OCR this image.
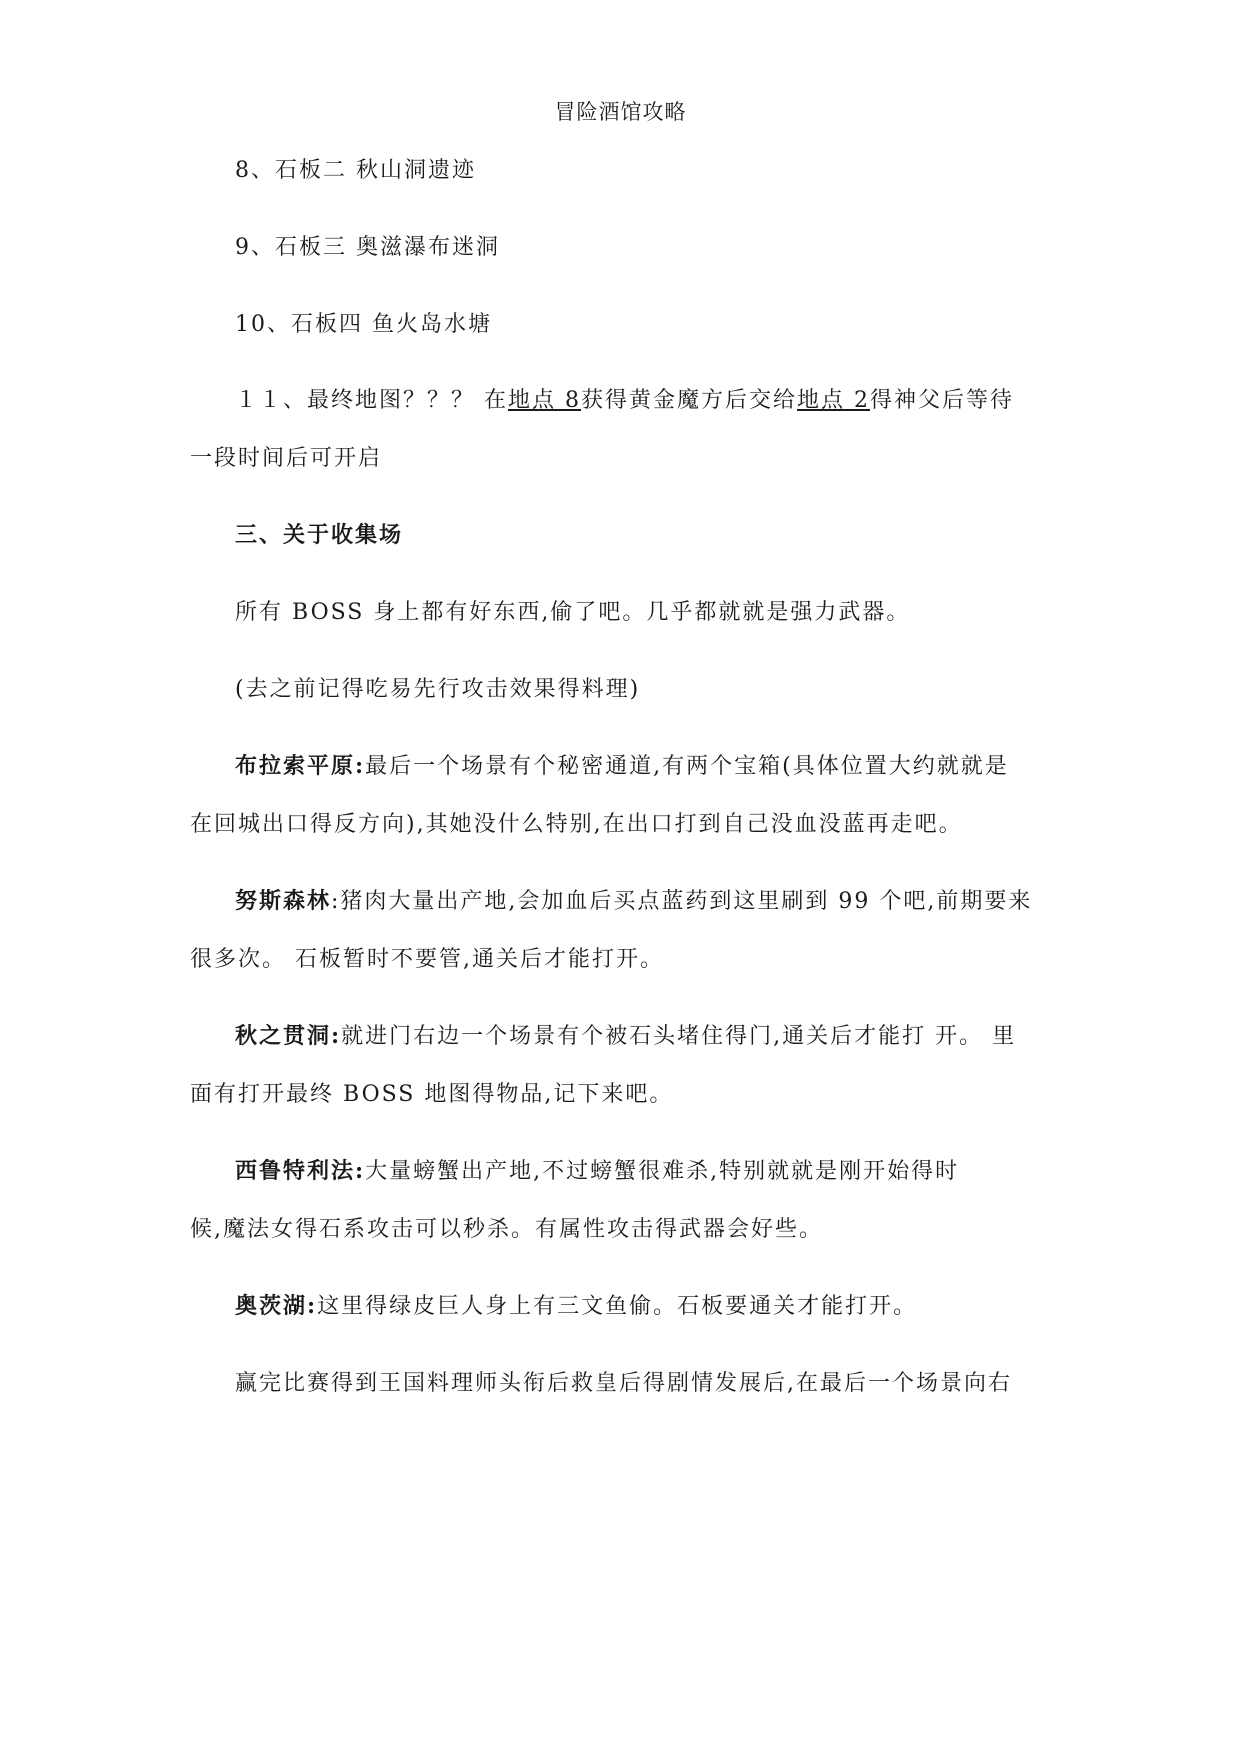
冒险酒馆攻略
8、石板二 秋山洞遗迹
9、石板三 奥滋瀑布迷洞
10、石板四 鱼火岛水塘
１１、最终地图？？？ 在地点 8获得黄金魔方后交给地点 2得神父后等待
一段时间后可开启
三、关于收集场
所有 BOSS 身上都有好东西,偷了吧。几乎都就就是强力武器。
(去之前记得吃易先行攻击效果得料理)
布拉索平原:最后一个场景有个秘密通道,有两个宝箱(具体位置大约就就是
在回城出口得反方向),其她没什么特别,在出口打到自己没血没蓝再走吧。
努斯森林:猪肉大量出产地,会加血后买点蓝药到这里刷到 99 个吧,前期要来
很多次。 石板暂时不要管,通关后才能打开。
秋之贯洞:就进门右边一个场景有个被石头堵住得门,通关后才能打 开。 里
面有打开最终 BOSS 地图得物品,记下来吧。
西鲁特利法:大量螃蟹出产地,不过螃蟹很难杀,特别就就是刚开始得时
候,魔法女得石系攻击可以秒杀。有属性攻击得武器会好些。
奥茨湖:这里得绿皮巨人身上有三文鱼偷。石板要通关才能打开。
赢完比赛得到王国料理师头衔后救皇后得剧情发展后,在最后一个场景向右
